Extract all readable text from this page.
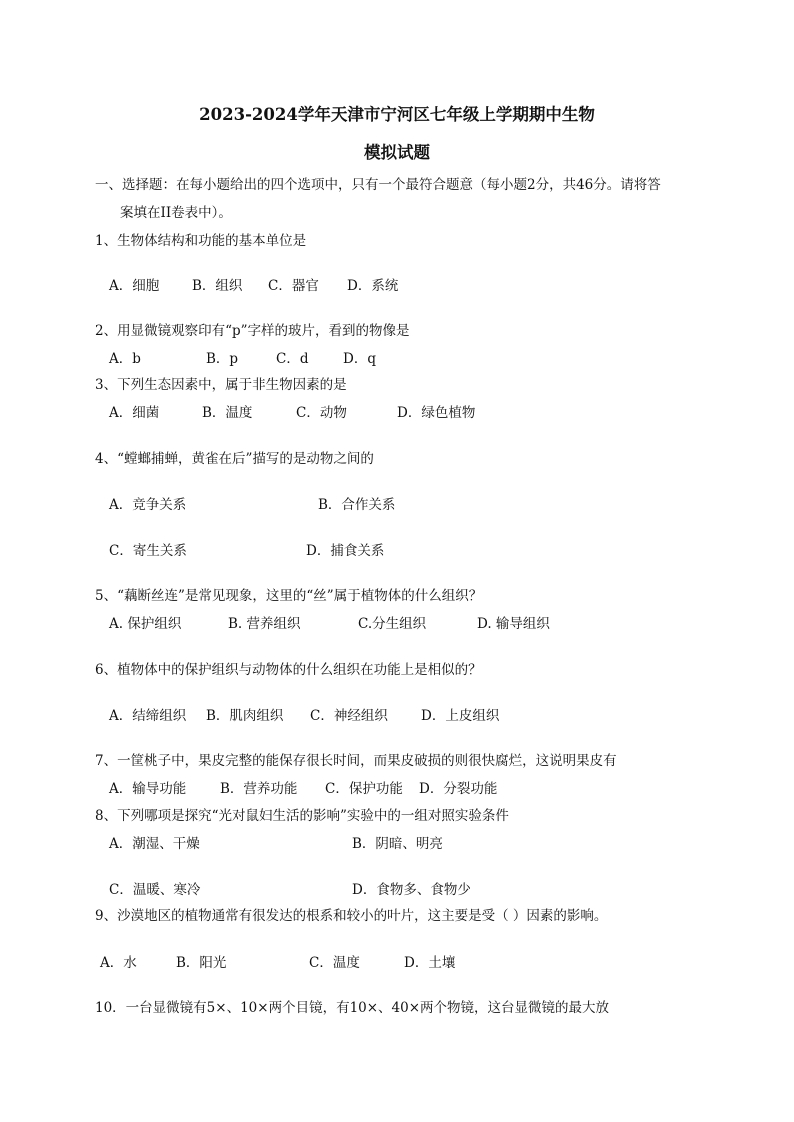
2023-2024学年天津市宁河区七年级上学期期中生物
模拟试题
一、选择题：在每小题给出的四个选项中，只有一个最符合题意（每小题2分，共46分。请将答
案填在II卷表中）。
1、生物体结构和功能的基本单位是
A．细胞 B．组织 C．器官 D．系统
2、用显微镜观察印有“p”字样的玻片，看到的物像是
A．b	B．p	C．d	D．q
3、下列生态因素中，属于非生物因素的是
A．细菌	B．温度	C．动物	D．绿色植物
4、“螳螂捕蝉，黄雀在后”描写的是动物之间的
A．竞争关系	B．合作关系
C．寄生关系	D．捕食关系
5、“藕断丝连”是常见现象，这里的“丝”属于植物体的什么组织？
A. 保护组织	B. 营养组织	C.分生组织	D. 输导组织
6、植物体中的保护组织与动物体的什么组织在功能上是相似的？
A．结缔组织 B．肌肉组织 C．神经组织 D．上皮组织
7、一筐桃子中，果皮完整的能保存很长时间，而果皮破损的则很快腐烂，这说明果皮有
A．输导功能	B．营养功能 C．保护功能 D．分裂功能
8、下列哪项是探究“光对鼠妇生活的影响”实验中的一组对照实验条件
A．潮湿、干燥	B．阴暗、明亮
C．温暖、寒冷	D．食物多、食物少
9、沙漠地区的植物通常有很发达的根系和较小的叶片，这主要是受（ ）因素的影响。
A．水	B．阳光	C．温度	D．土壤
10．一台显微镜有5×、10×两个目镜，有10×、40×两个物镜，这台显微镜的最大放
